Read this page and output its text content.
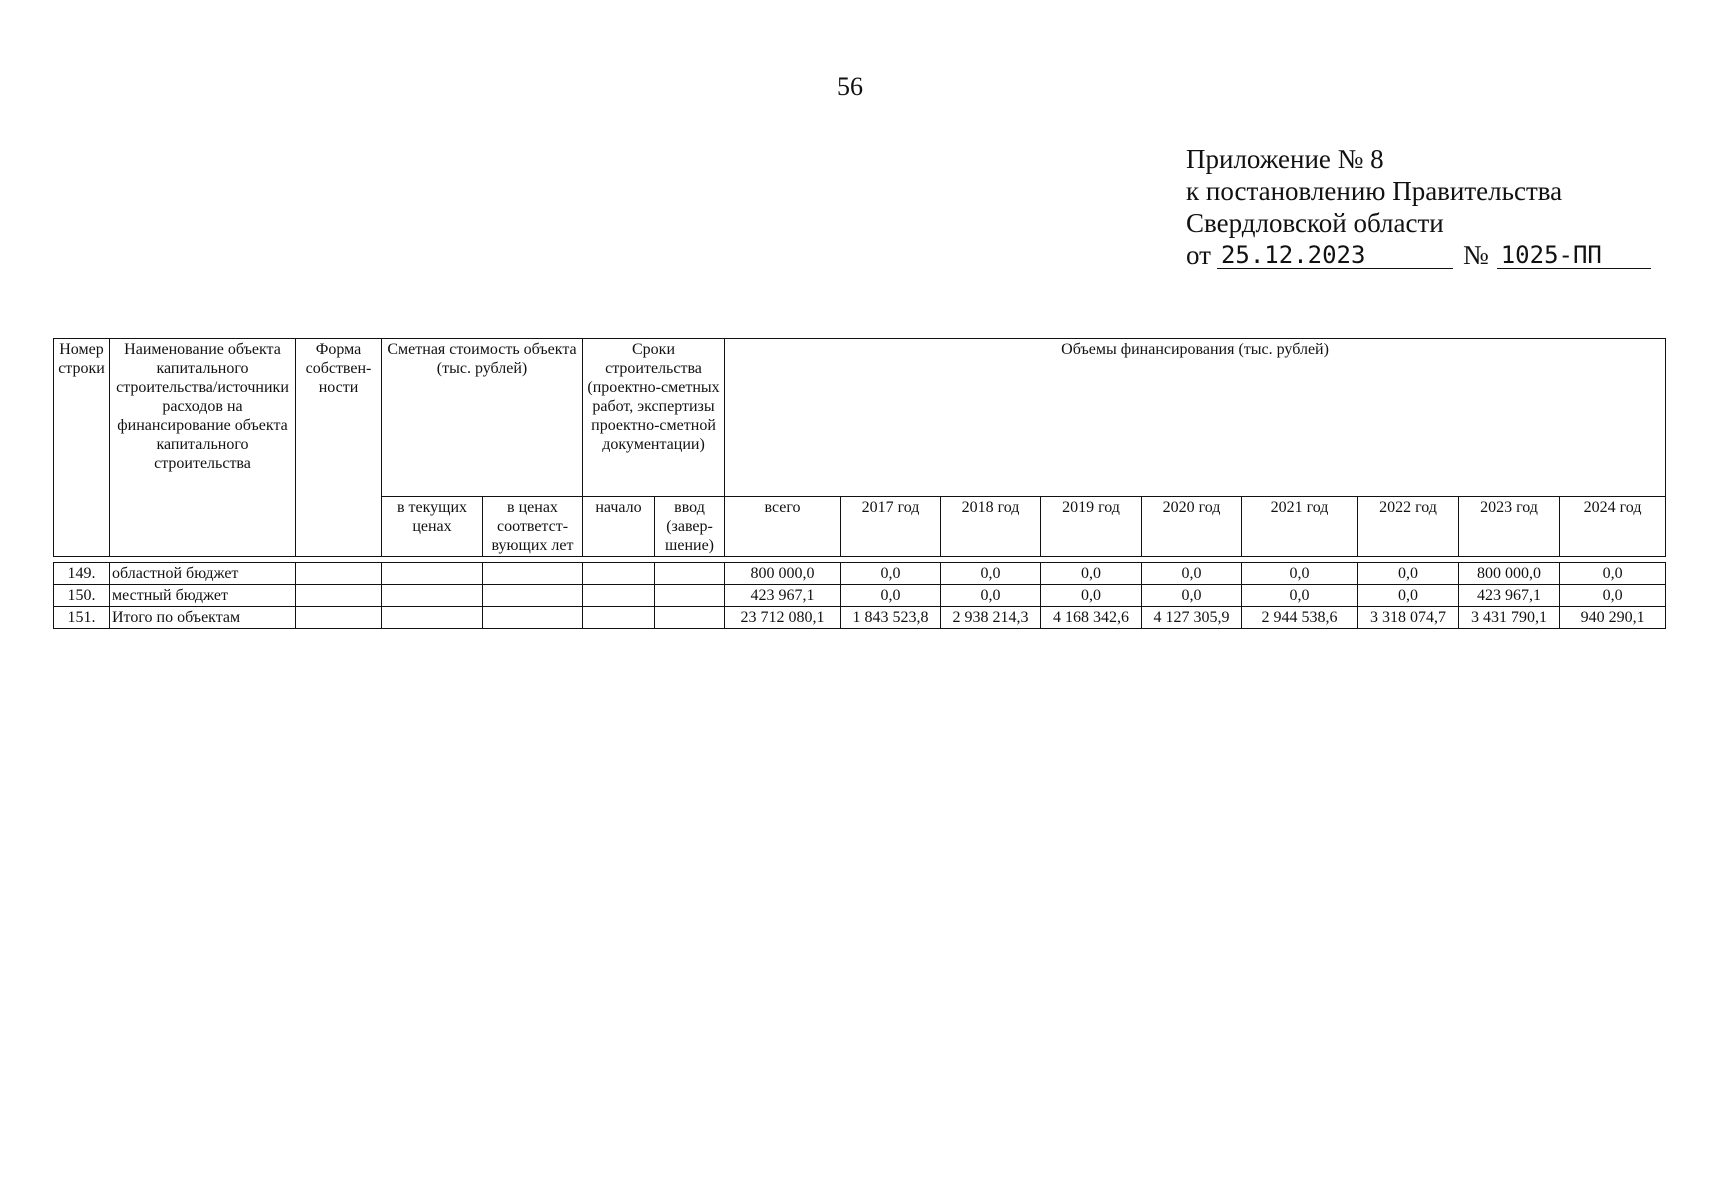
56
Приложение № 8
к постановлению Правительства
Свердловской области
от 25.12.2023	№ 1025-ПП
Номер строки	Наименование объекта капитального строительства/источники расходов на финансирование объекта капитального строительства	Форма собствен-ности	Сметная стоимость объекта (тыс. рублей)		Сроки строительства (проектно-сметных работ, экспертизы проектно-сметной документации)		Объемы финансирования (тыс. рублей)								
			в текущих ценах	в ценах соответст-вующих лет	начало	ввод (завер-шение)	всего	2017 год	2018 год	2019 год	2020 год	2021 год	2022 год	2023 год	2024 год

149.	областной бюджет						800 000,0	0,0	0,0	0,0	0,0	0,0	0,0	800 000,0	0,0
150.	местный бюджет						423 967,1	0,0	0,0	0,0	0,0	0,0	0,0	423 967,1	0,0
151.	Итого по объектам						23 712 080,1	1 843 523,8	2 938 214,3	4 168 342,6	4 127 305,9	2 944 538,6	3 318 074,7	3 431 790,1	940 290,1
